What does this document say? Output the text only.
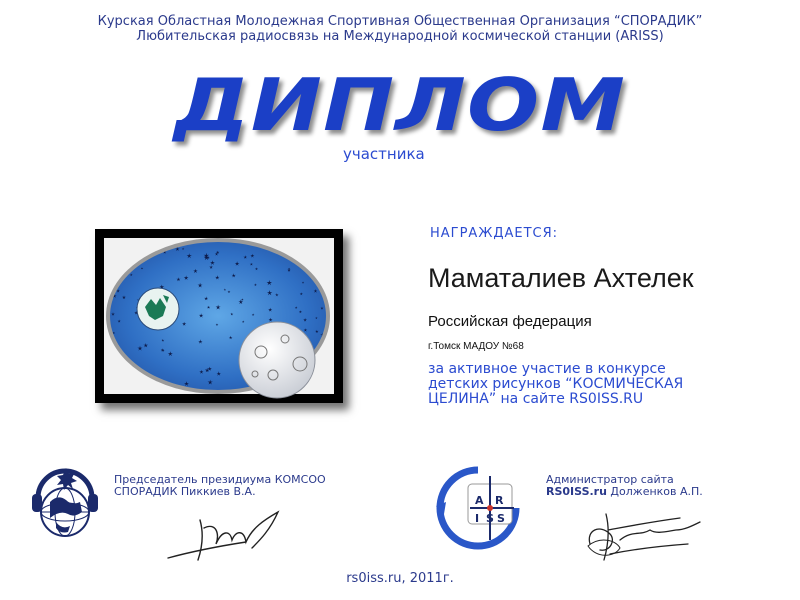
Курская Областная Молодежная Спортивная Общественная Организация “СПОРАДИК”
Любительская радиосвязь на Международной космической станции (ARISS)
ДИПЛОМ
участника
НАГРАЖДАЕТСЯ:
Маматалиев Ахтелек
Российская федерация
г.Томск МАДОУ №68
за активное участие в конкурсе
детских рисунков “КОСМИЧЕСКАЯ
ЦЕЛИНА” на сайте RS0ISS.RU
Председатель президиума КОМСОО
СПОРАДИК Пиккиев В.А.
A R
I S S
Администратор сайта
RS0ISS.ru Долженков А.П.
rs0iss.ru, 2011г.
